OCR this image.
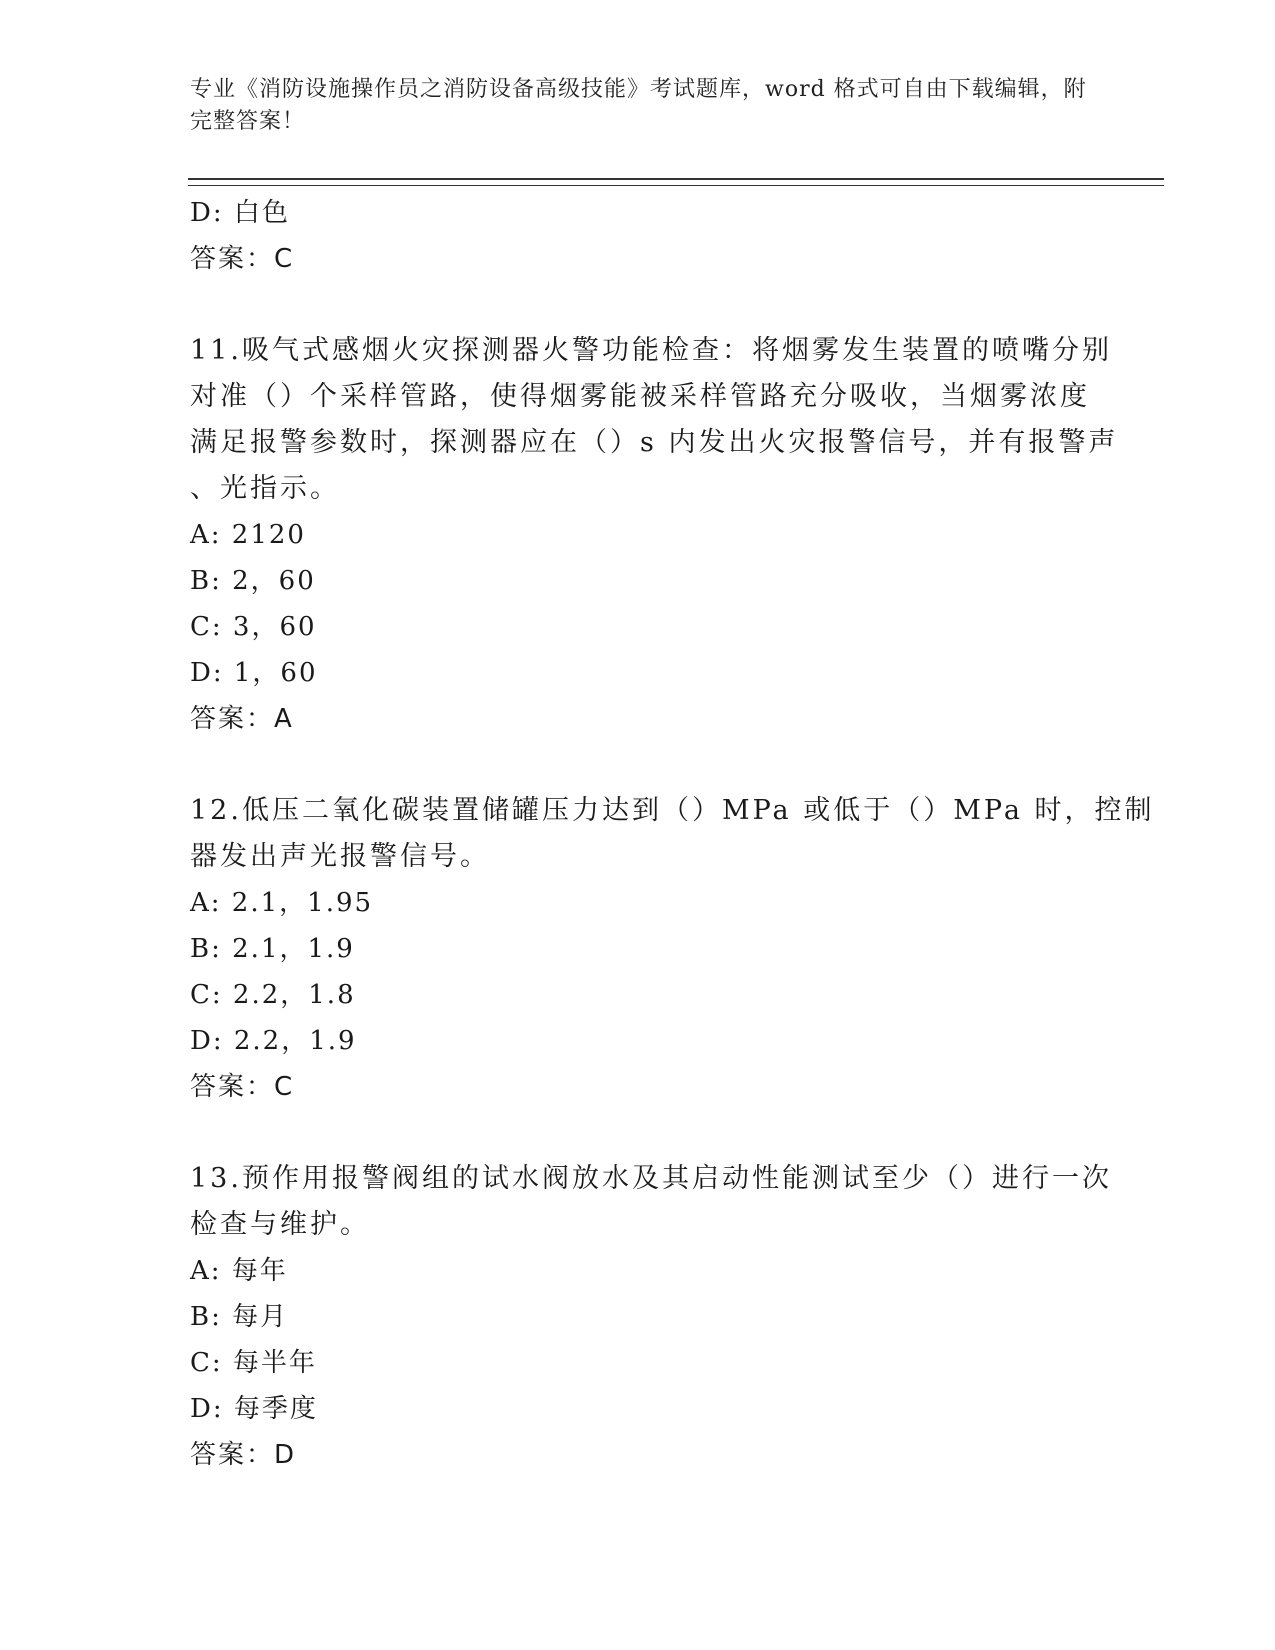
专业《消防设施操作员之消防设备高级技能》考试题库，word 格式可自由下载编辑，附完整答案！
D: 白色
答案：C
11.吸气式感烟火灾探测器火警功能检查：将烟雾发生装置的喷嘴分别
对准（）个采样管路，使得烟雾能被采样管路充分吸收，当烟雾浓度
满足报警参数时，探测器应在（）s 内发出火灾报警信号，并有报警声
、光指示。
A: 2120
B: 2，60
C: 3，60
D: 1，60
答案：A
12.低压二氧化碳装置储罐压力达到（）MPa 或低于（）MPa 时，控制
器发出声光报警信号。
A: 2.1，1.95
B: 2.1，1.9
C: 2.2，1.8
D: 2.2，1.9
答案：C
13.预作用报警阀组的试水阀放水及其启动性能测试至少（）进行一次
检查与维护。
A: 每年
B: 每月
C: 每半年
D: 每季度
答案：D
